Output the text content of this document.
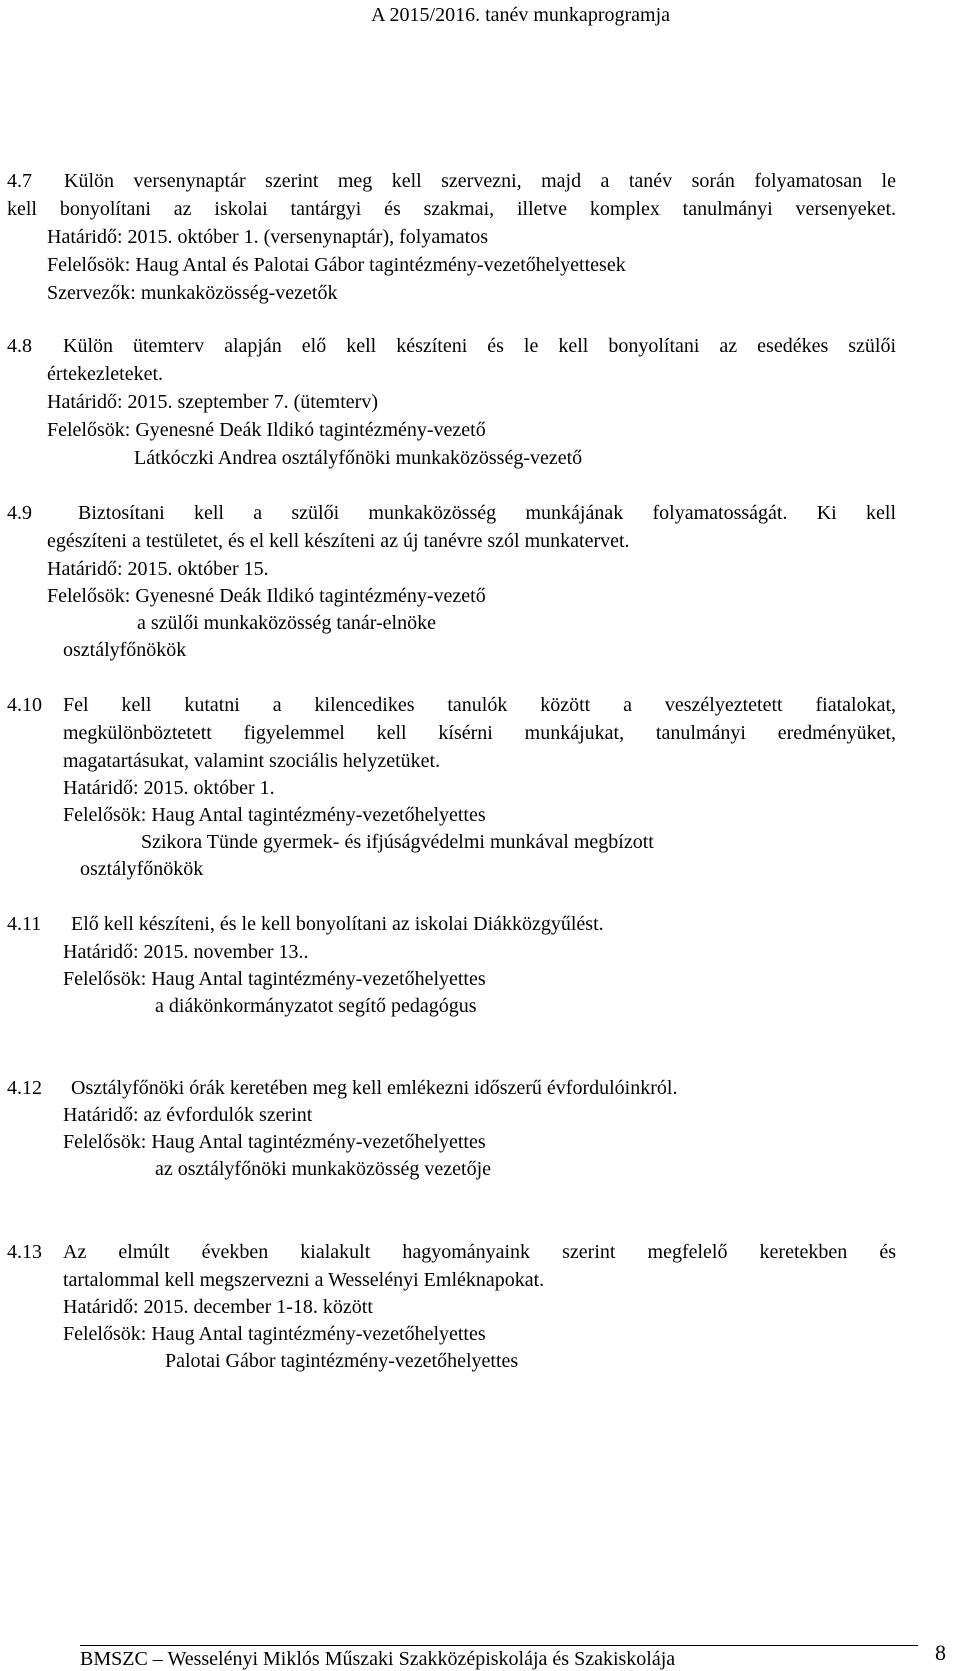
A 2015/2016. tanév munkaprogramja
4.7 Külön versenynaptár szerint meg kell szervezni, majd a tanév során folyamatosan le
kell bonyolítani az iskolai tantárgyi és szakmai, illetve komplex tanulmányi versenyeket.
Határidő: 2015. október 1. (versenynaptár), folyamatos
Felelősök: Haug Antal és Palotai Gábor tagintézmény-vezetőhelyettesek
Szervezők: munkaközösség-vezetők
4.8 Külön ütemterv alapján elő kell készíteni és le kell bonyolítani az esedékes szülői
értekezleteket.
Határidő: 2015. szeptember 7. (ütemterv)
Felelősök: Gyenesné Deák Ildikó tagintézmény-vezető
Látkóczki Andrea osztályfőnöki munkaközösség-vezető
4.9	Biztosítani kell a szülői munkaközösség munkájának folyamatosságát. Ki kell
egészíteni a testületet, és el kell készíteni az új tanévre szól munkatervet.
Határidő: 2015. október 15.
Felelősök: Gyenesné Deák Ildikó tagintézmény-vezető
a szülői munkaközösség tanár-elnöke
osztályfőnökök
4.10 Fel kell kutatni a kilencedikes tanulók között a veszélyeztetett fiatalokat,
megkülönböztetett figyelemmel kell kísérni munkájukat, tanulmányi eredményüket,
magatartásukat, valamint szociális helyzetüket.
Határidő: 2015. október 1.
Felelősök: Haug Antal tagintézmény-vezetőhelyettes
Szikora Tünde gyermek- és ifjúságvédelmi munkával megbízott
osztályfőnökök
4.11 Elő kell készíteni, és le kell bonyolítani az iskolai Diákközgyűlést.
Határidő: 2015. november 13..
Felelősök: Haug Antal tagintézmény-vezetőhelyettes
a diákönkormányzatot segítő pedagógus
4.12 Osztályfőnöki órák keretében meg kell emlékezni időszerű évfordulóinkról.
Határidő: az évfordulók szerint
Felelősök: Haug Antal tagintézmény-vezetőhelyettes
az osztályfőnöki munkaközösség vezetője
4.13 Az elmúlt években kialakult hagyományaink szerint megfelelő keretekben és
tartalommal kell megszervezni a Wesselényi Emléknapokat.
Határidő: 2015. december 1-18. között
Felelősök: Haug Antal tagintézmény-vezetőhelyettes
Palotai Gábor tagintézmény-vezetőhelyettes
BMSZC – Wesselényi Miklós Műszaki Szakközépiskolája és Szakiskolája	8
